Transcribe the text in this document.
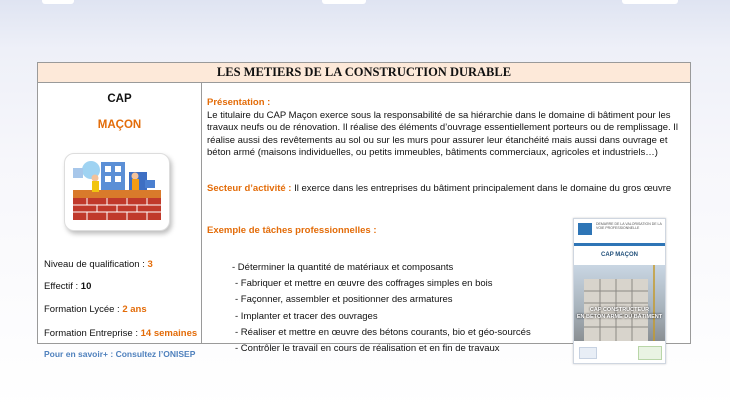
LES METIERS DE LA CONSTRUCTION DURABLE
CAP
MAÇON
Niveau de qualification : 3
Effectif : 10
Formation Lycée : 2 ans
Formation Entreprise : 14 semaines
Pour en savoir+ : Consultez l’ONISEP
Présentation :
Le titulaire du CAP Maçon exerce sous la responsabilité de sa hiérarchie dans le domaine di bâtiment pour les travaux neufs ou de rénovation. Il réalise des éléments d’ouvrage essentiellement porteurs ou de remplissage. Il réalise aussi des revêtements au sol ou sur les murs pour assurer leur étanchéité mais aussi dans ouvrage et béton armé (maisons individuelles, ou petits immeubles, bâtiments commerciaux, agricoles et industriels…)
Secteur d’activité : Il exerce dans les entreprises du bâtiment principalement dans le domaine du gros œuvre
Exemple de tâches professionnelles :
- Déterminer la quantité de matériaux et composants
- Fabriquer et mettre en œuvre des coffrages simples en bois
- Façonner, assembler et positionner des armatures
- Implanter et tracer des ouvrages
- Réaliser et mettre en œuvre des bétons courants, bio et géo-sourcés
- Contrôler le travail en cours de réalisation et en fin de travaux
DEMARRE DE LA VALORISATION DE LA VOIE PROFESSIONNELLE
CAP MAÇON
CAP CONSTRUCTEUR
EN BÉTON ARMÉ DU BÂTIMENT
